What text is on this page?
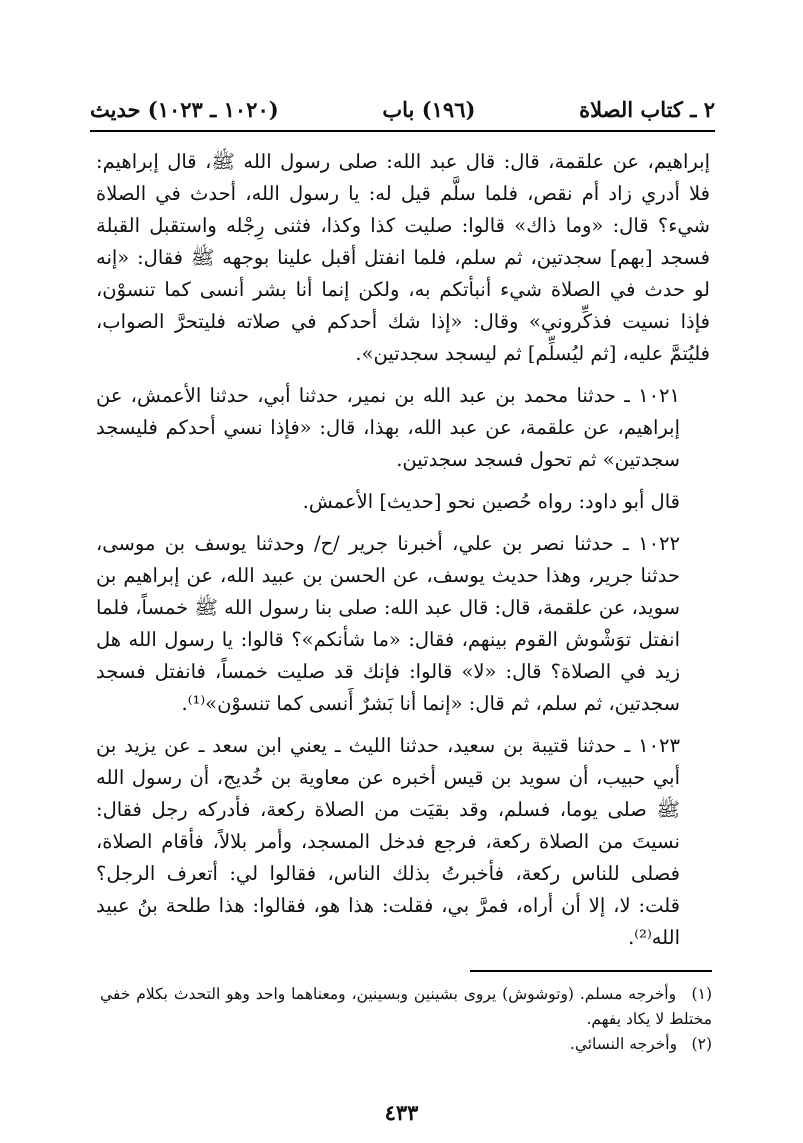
٢ ـ كتاب الصلاة
(١٩٦) باب
(١٠٢٠ ـ ١٠٢٣) حديث

إبراهيم، عن علقمة، قال: قال عبد الله: صلى رسول الله ﷺ، قال إبراهيم: فلا أدري زاد أم نقص، فلما سلَّم قيل له: يا رسول الله، أحدث في الصلاة شيء؟ قال: «وما ذاك» قالوا: صليت كذا وكذا، فثنى رِجْله واستقبل القبلة فسجد [بهم] سجدتين، ثم سلم، فلما انفتل أقبل علينا بوجهه ﷺ فقال: «إنه لو حدث في الصلاة شيء أنبأتكم به، ولكن إنما أنا بشر أنسى كما تنسوْن، فإذا نسيت فذكِّروني» وقال: «إذا شك أحدكم في صلاته فليتحرَّ الصواب، فليُتمَّ عليه، [ثم ليُسلِّم] ثم ليسجد سجدتين».

١٠٢١ ـ حدثنا محمد بن عبد الله بن نمير، حدثنا أبي، حدثنا الأعمش، عن إبراهيم، عن علقمة، عن عبد الله، بهذا، قال: «فإذا نسي أحدكم فليسجد سجدتين» ثم تحول فسجد سجدتين.

قال أبو داود: رواه حُصين نحو [حديث] الأعمش.

١٠٢٢ ـ حدثنا نصر بن علي، أخبرنا جرير /ح/ وحدثنا يوسف بن موسى، حدثنا جرير، وهذا حديث يوسف، عن الحسن بن عبيد الله، عن إبراهيم بن سويد، عن علقمة، قال: قال عبد الله: صلى بنا رسول الله ﷺ خمساً، فلما انفتل توَشْوش القوم بينهم، فقال: «ما شأنكم»؟ قالوا: يا رسول الله هل زيد في الصلاة؟ قال: «لا» قالوا: فإنك قد صليت خمساً، فانفتل فسجد سجدتين، ثم سلم، ثم قال: «إنما أنا بَشرٌ أَنسى كما تنسوْن»⁽¹⁾.

١٠٢٣ ـ حدثنا قتيبة بن سعيد، حدثنا الليث ـ يعني ابن سعد ـ عن يزيد بن أبي حبيب، أن سويد بن قيس أخبره عن معاوية بن خُديج، أن رسول الله ﷺ صلى يوما، فسلم، وقد بقيَت من الصلاة ركعة، فأدركه رجل فقال: نسيتَ من الصلاة ركعة، فرجع فدخل المسجد، وأمر بلالاً، فأقام الصلاة، فصلى للناس ركعة، فأخبرتُ بذلك الناس، فقالوا لي: أتعرف الرجل؟ قلت: لا، إلا أن أراه، فمرَّ بي، فقلت: هذا هو، فقالوا: هذا طلحة بنُ عبيد الله⁽²⁾.

(١) وأخرجه مسلم. (وتوشوش) يروى بشينين وبسينين، ومعناهما واحد وهو التحدث بكلام خفي مختلط لا يكاد يفهم.

(٢) وأخرجه النسائي.

٤٣٣
